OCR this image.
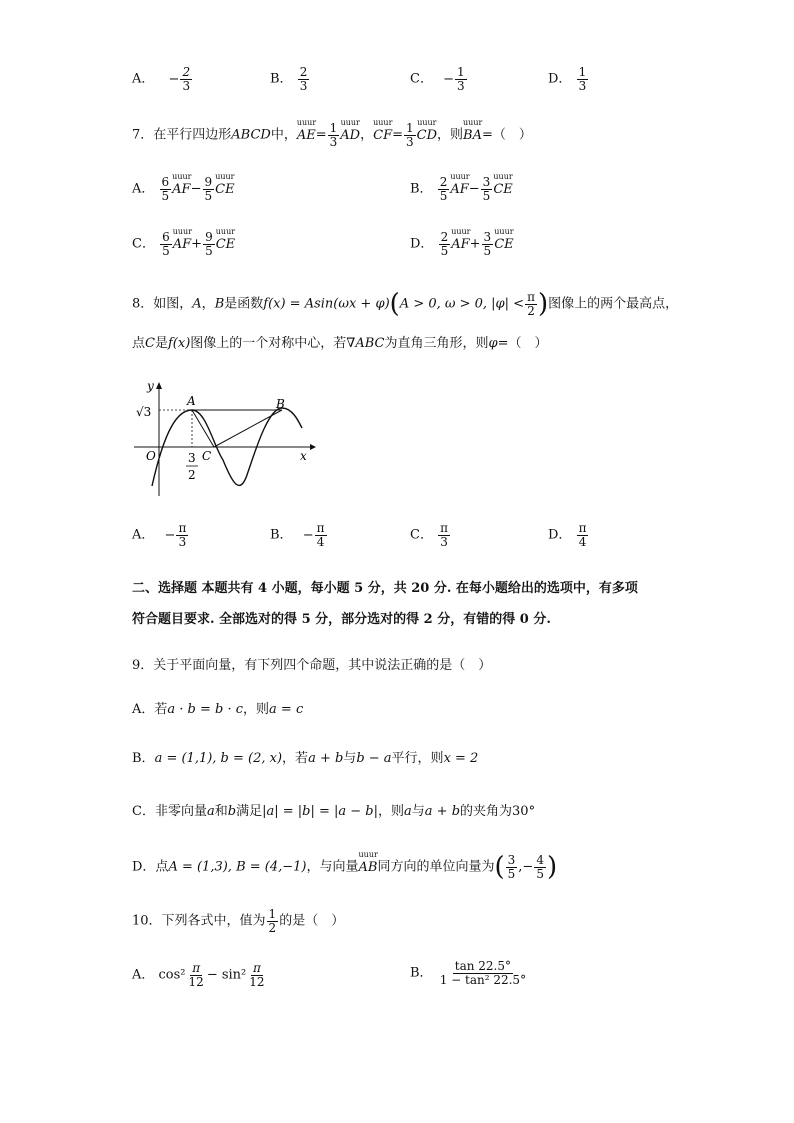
A． − $\frac{2}{3}$	B． $\frac{2}{3}$	C． − $\frac{1}{3}$	D． $\frac{1}{3}$
7．在平行四边形ABCD中，
uuur
$AE= \frac{1}{3}$ uuur
AD，
uuur
$CF= \frac{1}{3}$ uuur
CD，则
uuur
BA=（　）
A． $\frac{6}{5}$ uuur
$AF- \frac{9}{5}$ uuur
CE	B． $\frac{2}{5}$ uuur
$AF- \frac{3}{5}$ uuur
CE
C． $\frac{6}{5}$ uuur
$AF+ \frac{9}{5}$ uuur
CE	D． $\frac{2}{5}$ uuur
$AF+ \frac{3}{5}$ uuur
CE
8．如图，A，B是函数f(x) = Asin(ωx + φ)(A > 0, ω > 0, $|\varphi| < \frac{\pi}{2}$ )图像上的两个最高点，
点C是f(x)图像上的一个对称中心，若∇ABC为直角三角形，则φ=（　）
y
x
O
√3
A	B
C
3
2
A． − $\frac{\pi}{3}$	B． − $\frac{\pi}{4}$	C． $\frac{\pi}{3}$	D． $\frac{\pi}{4}$
二、选择题 本题共有 4 小题，每小题 5 分，共 20 分. 在每小题给出的选项中，有多项
符合题目要求. 全部选对的得 5 分，部分选对的得 2 分，有错的得 0 分.
9．关于平面向量，有下列四个命题，其中说法正确的是（　）
A．若a · b = b · c，则a = c
B．a = (1,1), b = (2, x)，若a + b与b − a平行，则x = 2
C．非零向量a和b满足|a| = |b| = |a − b|，则a与a + b的夹角为30°
D．点A = (1,3), B = (4,−1)，与向量
uuur
AB同方向的单位向量为( $\frac{3}{5}$ ,− $\frac{4}{5}$ )
10．下列各式中，值为 $\frac{1}{2}$ 的是（　）
A． $\cos^2 \frac{\pi}{12} - \sin^2 \frac{\pi}{12}$	B． $\frac{\tan 22.5^\circ}{\text{1 − tan² 22.5°}}$
